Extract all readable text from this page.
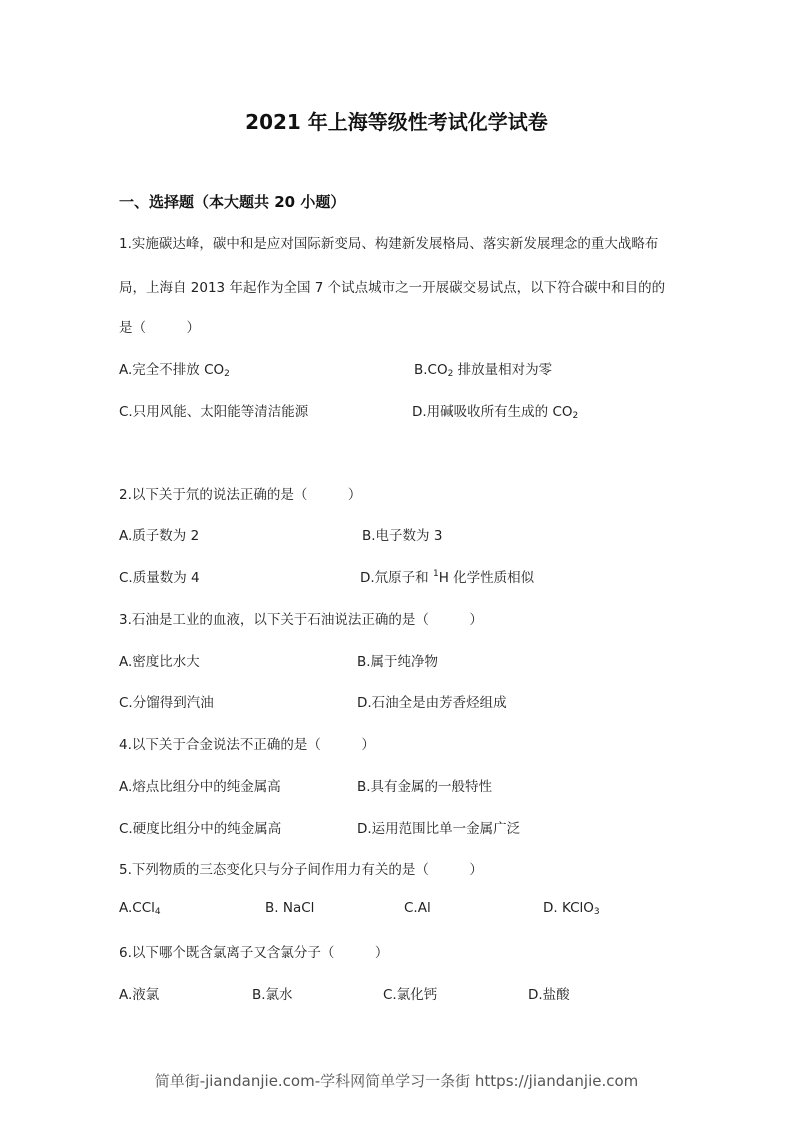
2021 年上海等级性考试化学试卷
一、选择题（本大题共 20 小题）
1.实施碳达峰，碳中和是应对国际新变局、构建新发展格局、落实新发展理念的重大战略布
局，上海自 2013 年起作为全国 7 个试点城市之一开展碳交易试点，以下符合碳中和目的的
是（　　　）
A.完全不排放 $CO_2$	$B.CO_2$ 排放量相对为零
C.只用风能、太阳能等清洁能源	D.用碱吸收所有生成的 $CO_2$
2.以下关于氘的说法正确的是（　　　）
A.质子数为 2	B.电子数为 3
C.质量数为 4	D.氘原子和 $^1$H 化学性质相似
3.石油是工业的血液，以下关于石油说法正确的是（　　　）
A.密度比水大	B.属于纯净物
C.分馏得到汽油	D.石油全是由芳香烃组成
4.以下关于合金说法不正确的是（　　　）
A.熔点比组分中的纯金属高	B.具有金属的一般特性
C.硬度比组分中的纯金属高	D.运用范围比单一金属广泛
5.下列物质的三态变化只与分子间作用力有关的是（　　　）
A.CCl$_4$	B. NaCl	C.Al	D. KClO$_3$
6.以下哪个既含氯离子又含氯分子（　　　）
A.液氯	B.氯水	C.氯化钙	D.盐酸
简单街-jiandanjie.com-学科网简单学习一条街 https://jiandanjie.com
